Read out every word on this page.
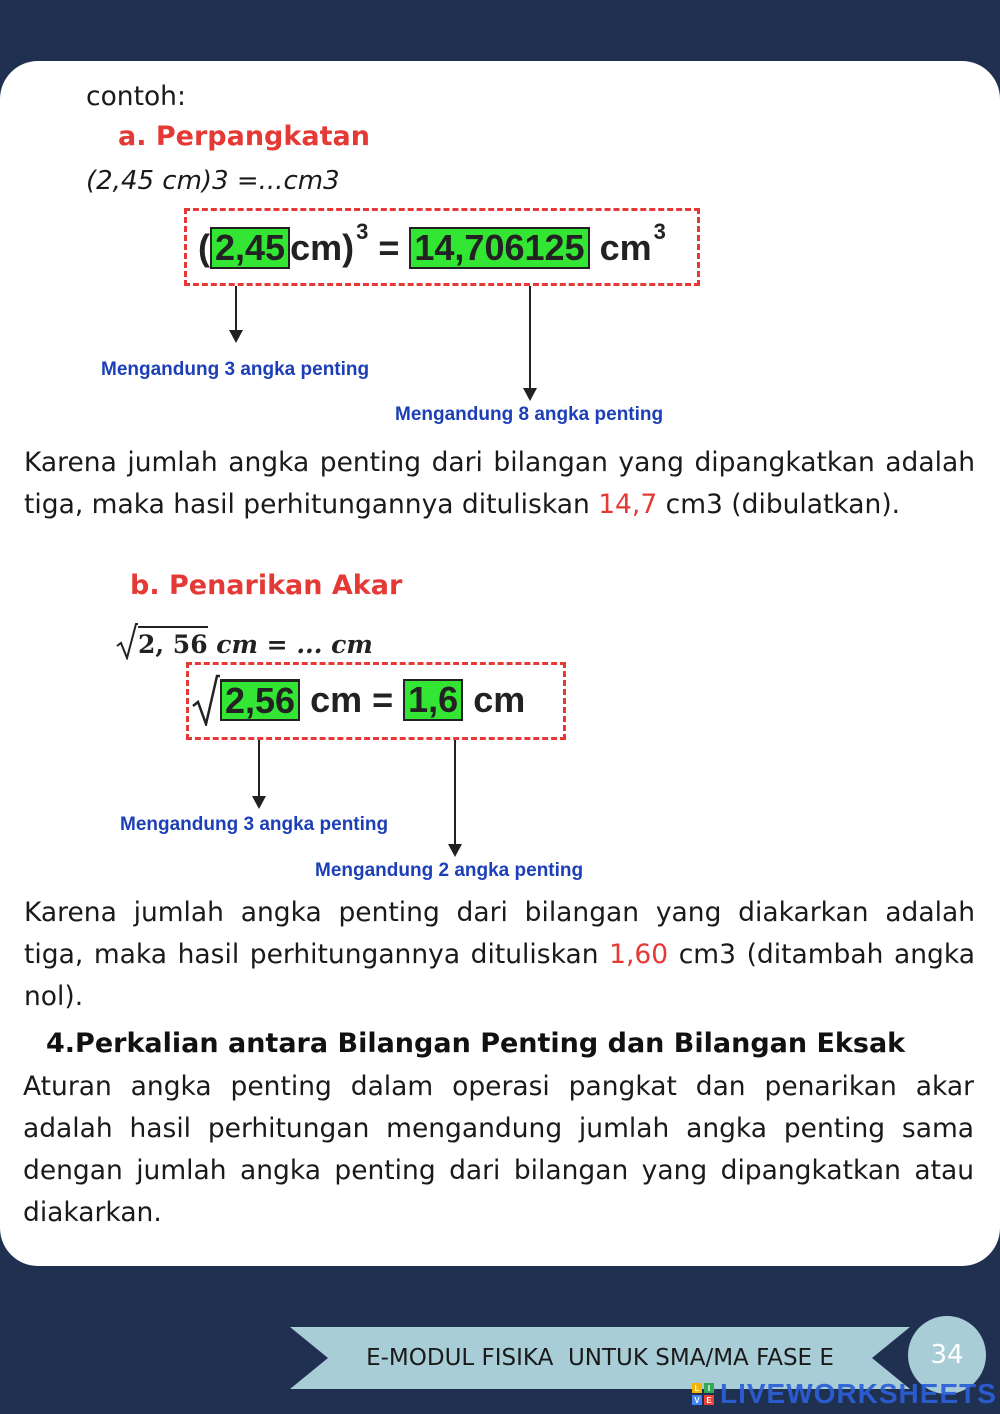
contoh:

a. Perpangkatan

(2,45 cm)3 =...cm3

( 2,45 cm) 3 = 14,706125 cm 3

Mengandung 3 angka penting

Mengandung 8 angka penting

Karena jumlah angka penting dari bilangan yang dipangkatkan adalah tiga, maka hasil perhitungannya dituliskan 14,7 cm3 (dibulatkan).

b. Penarikan Akar

2, 56 cm = ... cm
2,56 cm = 1,6 cm

Mengandung 3 angka penting

Mengandung 2 angka penting

Karena jumlah angka penting dari bilangan yang diakarkan adalah tiga, maka hasil perhitungannya dituliskan 1,60 cm3 (ditambah angka nol).

4.Perkalian antara Bilangan Penting dan Bilangan Eksak

Aturan angka penting dalam operasi pangkat dan penarikan akar adalah hasil perhitungan mengandung jumlah angka penting sama dengan jumlah angka penting dari bilangan yang dipangkatkan atau diakarkan.

E-MODUL FISIKA  UNTUK SMA/MA FASE E	34
L	I
V E LIVEWORKSHEETS
